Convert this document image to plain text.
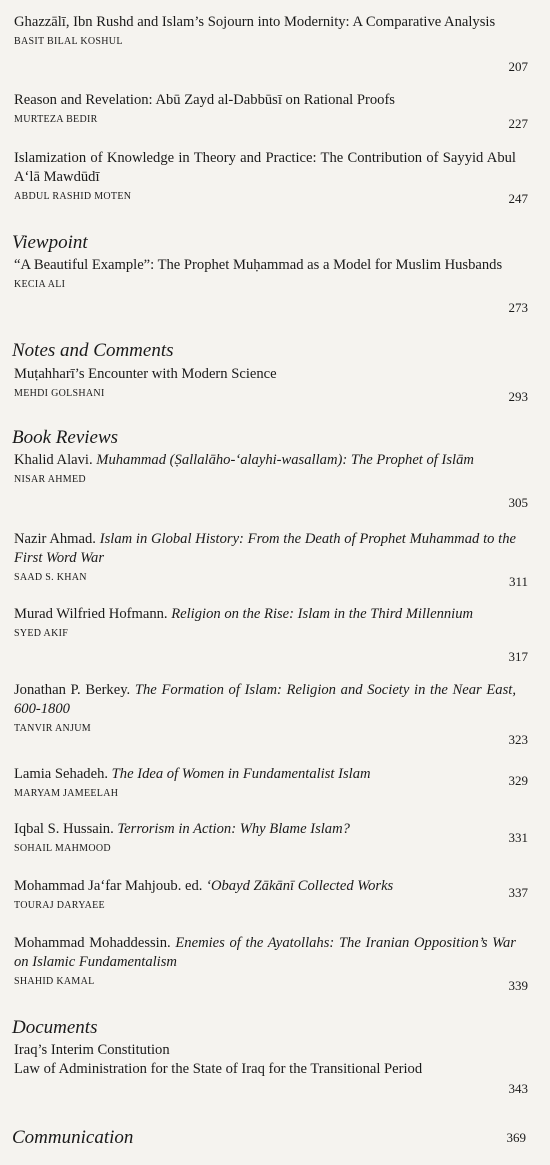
Ghazzālī, Ibn Rushd and Islam’s Sojourn into Modernity: A Comparative Analysis

BASIT BILAL KOSHUL
207

Reason and Revelation: Abū Zayd al-Dabbūsī on Rational Proofs

MURTEZA BEDIR	227

Islamization of Knowledge in Theory and Practice: The Contribution of Sayyid Abul A‘lā Mawdūdī

ABDUL RASHID MOTEN	247

Viewpoint

“A Beautiful Example”: The Prophet Muḥammad as a Model for Muslim Husbands

KECIA ALI
273

Notes and Comments

Muṭahharī’s Encounter with Modern Science

MEHDI GOLSHANI	293

Book Reviews

Khalid Alavi. Muhammad (Ṣallalāho-‘alayhi-wasallam): The Prophet of Islām

NISAR AHMED
305

Nazir Ahmad. Islam in Global History: From the Death of Prophet Muhammad to the First Word War

SAAD S. KHAN	311

Murad Wilfried Hofmann. Religion on the Rise: Islam in the Third Millennium

SYED AKIF
317

Jonathan P. Berkey. The Formation of Islam: Religion and Society in the Near East, 600-1800

TANVIR ANJUM
323

Lamia Sehadeh. The Idea of Women in Fundamentalist Islam

MARYAM JAMEELAH
329

Iqbal S. Hussain. Terrorism in Action: Why Blame Islam?

SOHAIL MAHMOOD
331

Mohammad Ja‘far Mahjoub. ed. ‘Obayd Zākānī Collected Works

TOURAJ DARYAEE
337

Mohammad Mohaddessin. Enemies of the Ayatollahs: The Iranian Opposition’s War on Islamic Fundamentalism

SHAHID KAMAL	339

Documents

Iraq’s Interim Constitution

Law of Administration for the State of Iraq for the Transitional Period

343

Communication	369
